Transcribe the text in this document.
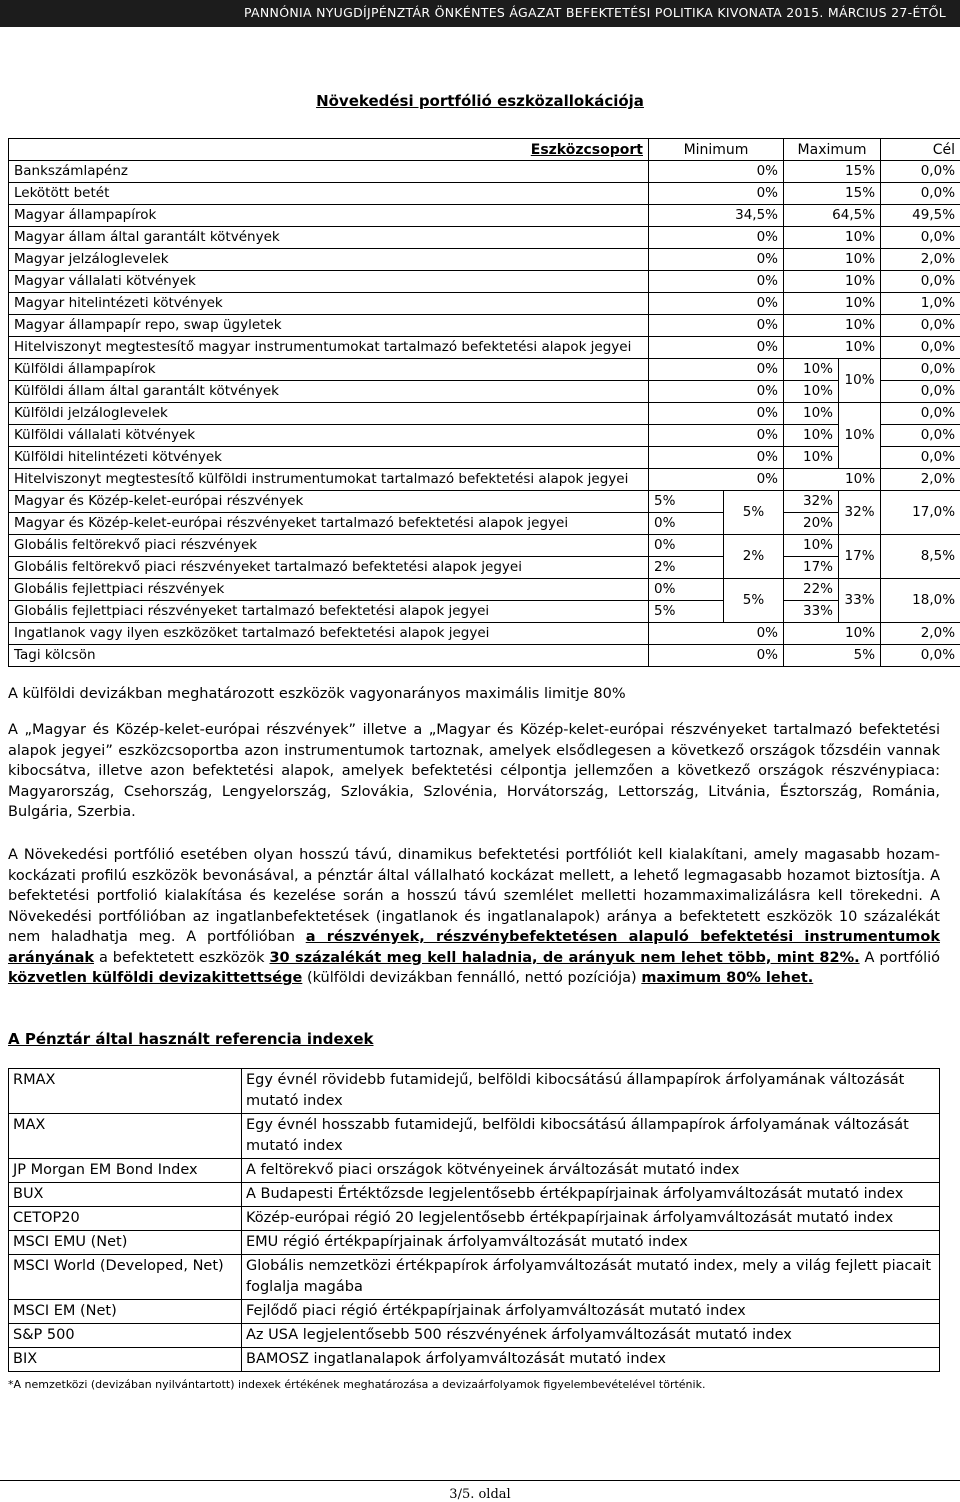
PANNÓNIA NYUGDÍJPÉNZTÁR ÖNKÉNTES ÁGAZAT BEFEKTETÉSI POLITIKA KIVONATA 2015. MÁRCIUS 27-ÉTŐL
Növekedési portfólió eszközallokációja
Eszközcsoport	Minimum		Maximum		Cél
Bankszámlapénz	0%		15%		0,0%
Lekötött betét	0%		15%		0,0%
Magyar állampapírok	34,5%		64,5%		49,5%
Magyar állam által garantált kötvények	0%		10%		0,0%
Magyar jelzáloglevelek	0%		10%		2,0%
Magyar vállalati kötvények	0%		10%		0,0%
Magyar hitelintézeti kötvények	0%		10%		1,0%
Magyar állampapír repo, swap ügyletek	0%		10%		0,0%
Hitelviszonyt megtestesítő magyar instrumentumokat tartalmazó befektetési alapok jegyei	0%		10%		0,0%
Külföldi állampapírok	0%		10%	10%	0,0%
Külföldi állam által garantált kötvények	0%		10%		0,0%
Külföldi jelzáloglevelek	0%		10%	10%	0,0%
Külföldi vállalati kötvények	0%		10%		0,0%
Külföldi hitelintézeti kötvények	0%		10%		0,0%
Hitelviszonyt megtestesítő külföldi instrumentumokat tartalmazó befektetési alapok jegyei	0%		10%		2,0%
Magyar és Közép-kelet-európai részvények	5%	5%	32%	32%	17,0%
Magyar és Közép-kelet-európai részvényeket tartalmazó befektetési alapok jegyei	0%		20%		
Globális feltörekvő piaci részvények	0%	2%	10%	17%	8,5%
Globális feltörekvő piaci részvényeket tartalmazó befektetési alapok jegyei	2%		17%		
Globális fejlettpiaci részvények	0%	5%	22%	33%	18,0%
Globális fejlettpiaci részvényeket tartalmazó befektetési alapok jegyei	5%		33%		
Ingatlanok vagy ilyen eszközöket tartalmazó befektetési alapok jegyei	0%		10%		2,0%
Tagi kölcsön	0%		5%		0,0%
A külföldi devizákban meghatározott eszközök vagyonarányos maximális limitje 80%
A „Magyar és Közép-kelet-európai részvények” illetve a „Magyar és Közép-kelet-európai részvényeket tartalmazó befektetési alapok jegyei” eszközcsoportba azon instrumentumok tartoznak, amelyek elsődlegesen a következő országok tőzsdéin vannak kibocsátva, illetve azon befektetési alapok, amelyek befektetési célpontja jellemzően a következő országok részvénypiaca: Magyarország, Csehország, Lengyelország, Szlovákia, Szlovénia, Horvátország, Lettország, Litvánia, Észtország, Románia, Bulgária, Szerbia.
A Növekedési portfólió esetében olyan hosszú távú, dinamikus befektetési portfóliót kell kialakítani, amely magasabb hozam-kockázati profilú eszközök bevonásával, a pénztár által vállalható kockázat mellett, a lehető legmagasabb hozamot biztosítja. A befektetési portfolió kialakítása és kezelése során a hosszú távú szemlélet melletti hozammaximalizálásra kell törekedni. A Növekedési portfólióban az ingatlanbefektetések (ingatlanok és ingatlanalapok) aránya a befektetett eszközök 10 százalékát nem haladhatja meg. A portfólióban a részvények, részvénybefektetésen alapuló befektetési instrumentumok arányának a befektetett eszközök 30 százalékát meg kell haladnia, de arányuk nem lehet több, mint 82%. A portfólió közvetlen külföldi devizakittettsége (külföldi devizákban fennálló, nettó pozíciója) maximum 80% lehet.
A Pénztár által használt referencia indexek
RMAX	Egy évnél rövidebb futamidejű, belföldi kibocsátású állampapírok árfolyamának változását mutató index
MAX	Egy évnél hosszabb futamidejű, belföldi kibocsátású állampapírok árfolyamának változását mutató index
JP Morgan EM Bond Index	A feltörekvő piaci országok kötvényeinek árváltozását mutató index
BUX	A Budapesti Értéktőzsde legjelentősebb értékpapírjainak árfolyamváltozását mutató index
CETOP20	Közép-európai régió 20 legjelentősebb értékpapírjainak árfolyamváltozását mutató index
MSCI EMU (Net)	EMU régió értékpapírjainak árfolyamváltozását mutató index
MSCI World (Developed, Net)	Globális nemzetközi értékpapírok árfolyamváltozását mutató index, mely a világ fejlett piacait foglalja magába
MSCI EM (Net)	Fejlődő piaci régió értékpapírjainak árfolyamváltozását mutató index
S&P 500	Az USA legjelentősebb 500 részvényének árfolyamváltozását mutató index
BIX	BAMOSZ ingatlanalapok árfolyamváltozását mutató index
*A nemzetközi (devizában nyilvántartott) indexek értékének meghatározása a devizaárfolyamok figyelembevételével történik.
3/5. oldal
